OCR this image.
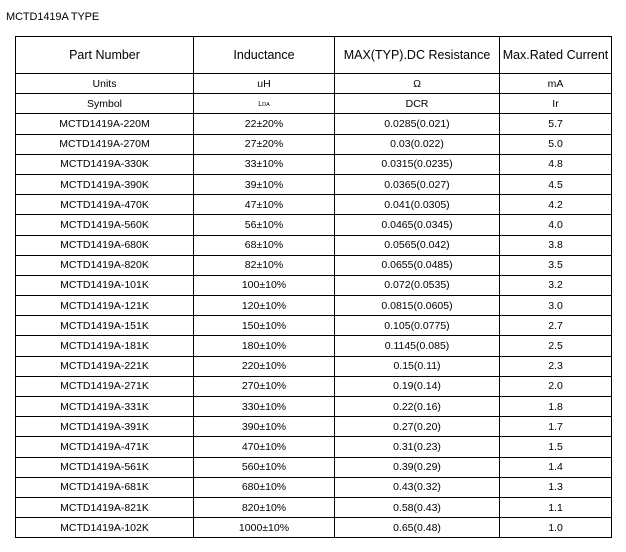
MCTD1419A TYPE
Part Number	Inductance	MAX(TYP).DC Resistance	Max.Rated Current
Units	uH	Ω	mA
Symbol	LDA	DCR	Ir
MCTD1419A-220M	22±20%	0.0285(0.021)	5.7
MCTD1419A-270M	27±20%	0.03(0.022)	5.0
MCTD1419A-330K	33±10%	0.0315(0.0235)	4.8
MCTD1419A-390K	39±10%	0.0365(0.027)	4.5
MCTD1419A-470K	47±10%	0.041(0.0305)	4.2
MCTD1419A-560K	56±10%	0.0465(0.0345)	4.0
MCTD1419A-680K	68±10%	0.0565(0.042)	3.8
MCTD1419A-820K	82±10%	0.0655(0.0485)	3.5
MCTD1419A-101K	100±10%	0.072(0.0535)	3.2
MCTD1419A-121K	120±10%	0.0815(0.0605)	3.0
MCTD1419A-151K	150±10%	0.105(0.0775)	2.7
MCTD1419A-181K	180±10%	0.1145(0.085)	2.5
MCTD1419A-221K	220±10%	0.15(0.11)	2.3
MCTD1419A-271K	270±10%	0.19(0.14)	2.0
MCTD1419A-331K	330±10%	0.22(0.16)	1.8
MCTD1419A-391K	390±10%	0.27(0.20)	1.7
MCTD1419A-471K	470±10%	0.31(0.23)	1.5
MCTD1419A-561K	560±10%	0.39(0.29)	1.4
MCTD1419A-681K	680±10%	0.43(0.32)	1.3
MCTD1419A-821K	820±10%	0.58(0.43)	1.1
MCTD1419A-102K	1000±10%	0.65(0.48)	1.0
